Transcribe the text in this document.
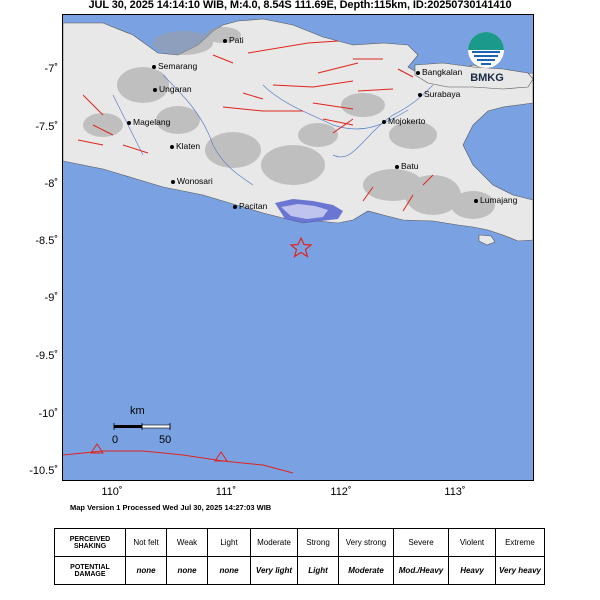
JUL 30, 2025 14:14:10 WIB, M:4.0, 8.54S 111.69E, Depth:115km, ID:20250730141410
-7˚
-7.5˚
-8˚
-8.5˚
-9˚
-9.5˚
-10˚
-10.5˚
110˚	111˚	112˚	113˚
Pati
Semarang
Ungaran
Magelang
Klaten
Wonosari
Pacitan
Bangkalan
Surabaya
Mojokerto
Batu
Lumajang
BMKG
km
0	50
Map Version 1 Processed Wed Jul 30, 2025 14:27:03 WIB
PERCEIVED SHAKING	Not felt	Weak	Light	Moderate	Strong	Very strong	Severe	Violent	Extreme
POTENTIAL DAMAGE	none	none	none	Very light	Light	Moderate	Mod./Heavy	Heavy	Very heavy
